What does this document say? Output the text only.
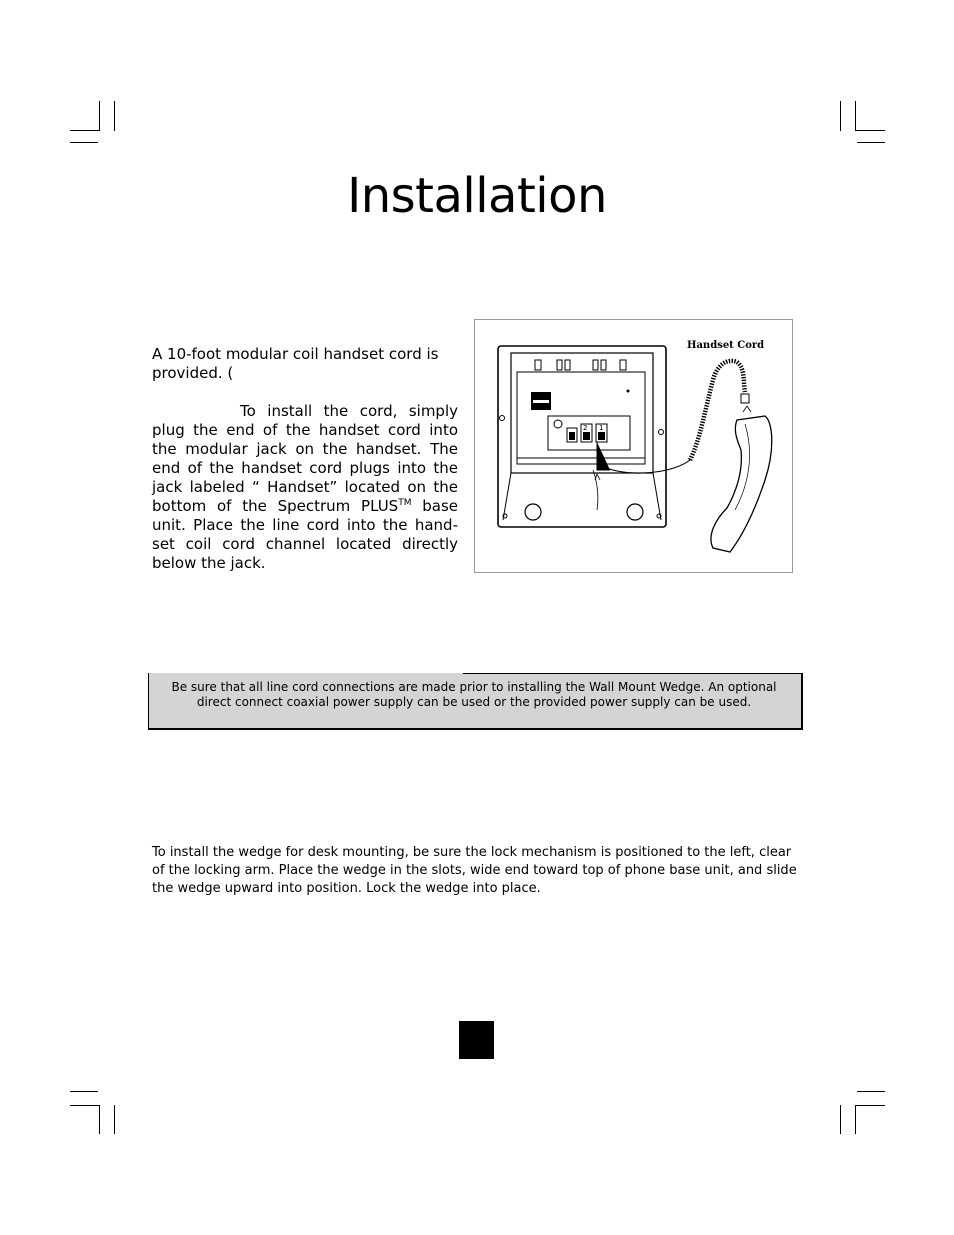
Installation

A 10-foot modular coil handset cord is provided. (

To install the cord, simply plug the end of the handset cord into the modular jack on the handset. The end of the handset cord plugs into the jack labeled “ Handset” located on the bottom of the Spectrum PLUS™ base unit. Place the line cord into the hand-set coil cord channel located directly below the jack.

2 1
Handset Cord
Be sure that all line cord connections are made prior to installing the Wall Mount Wedge. An optional direct connect coaxial power supply can be used or the provided power supply can be used.

To install the wedge for desk mounting, be sure the lock mechanism is positioned to the left, clear of the locking arm. Place the wedge in the slots, wide end toward top of phone base unit, and slide the wedge upward into position. Lock the wedge into place.
